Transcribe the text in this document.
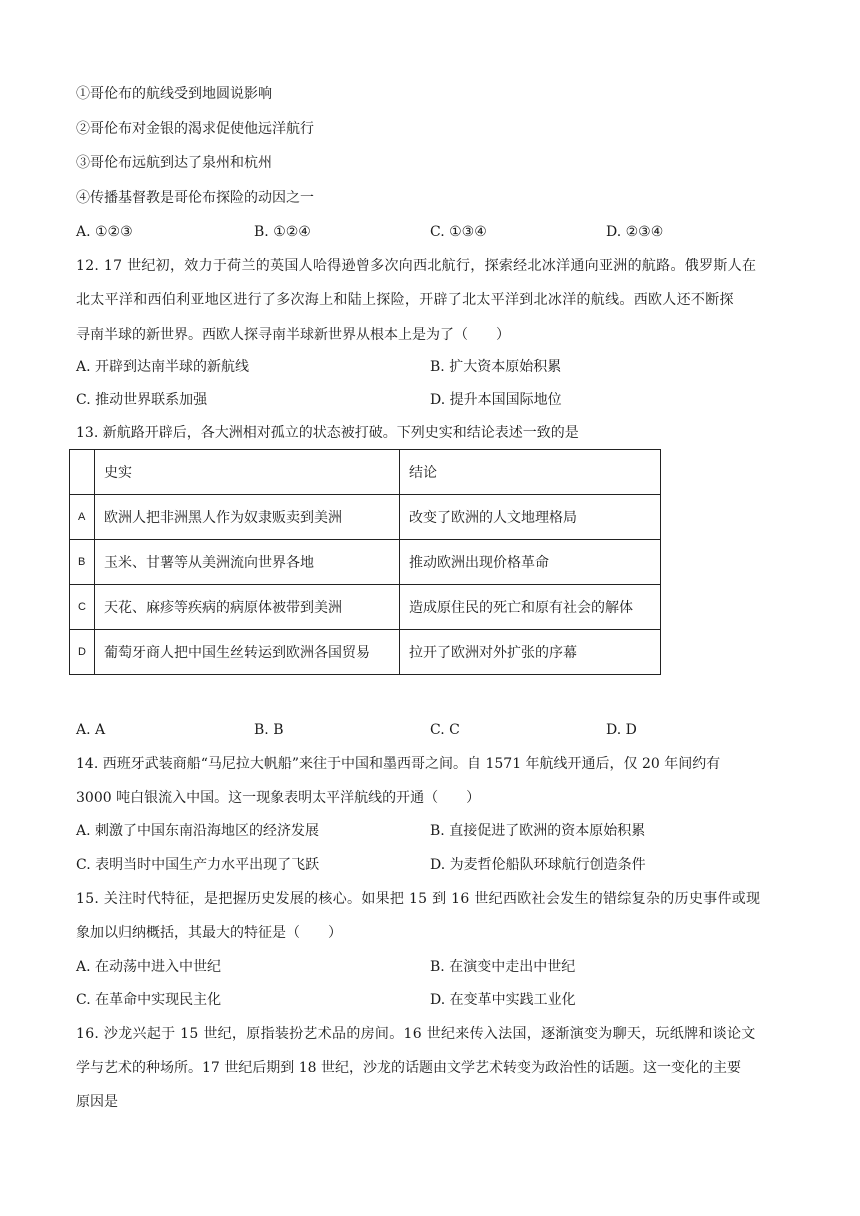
①哥伦布的航线受到地圆说影响
②哥伦布对金银的渴求促使他远洋航行
③哥伦布远航到达了泉州和杭州
④传播基督教是哥伦布探险的动因之一
A. ①②③	B. ①②④	C. ①③④	D. ②③④
12. 17 世纪初，效力于荷兰的英国人哈得逊曾多次向西北航行，探索经北冰洋通向亚洲的航路。俄罗斯人在
北太平洋和西伯利亚地区进行了多次海上和陆上探险，开辟了北太平洋到北冰洋的航线。西欧人还不断探
寻南半球的新世界。西欧人探寻南半球新世界从根本上是为了（　　）
A. 开辟到达南半球的新航线	B. 扩大资本原始积累
C. 推动世界联系加强	D. 提升本国国际地位
13. 新航路开辟后，各大洲相对孤立的状态被打破。下列史实和结论表述一致的是
	史实	结论
A	欧洲人把非洲黑人作为奴隶贩卖到美洲	改变了欧洲的人文地理格局
B	玉米、甘薯等从美洲流向世界各地	推动欧洲出现价格革命
C	天花、麻疹等疾病的病原体被带到美洲	造成原住民的死亡和原有社会的解体
D	葡萄牙商人把中国生丝转运到欧洲各国贸易	拉开了欧洲对外扩张的序幕
A. A	B. B	C. C	D. D
14. 西班牙武装商船“马尼拉大帆船”来往于中国和墨西哥之间。自 1571 年航线开通后，仅 20 年间约有
3000 吨白银流入中国。这一现象表明太平洋航线的开通（　　）
A. 刺激了中国东南沿海地区的经济发展	B. 直接促进了欧洲的资本原始积累
C. 表明当时中国生产力水平出现了飞跃	D. 为麦哲伦船队环球航行创造条件
15. 关注时代特征，是把握历史发展的核心。如果把 15 到 16 世纪西欧社会发生的错综复杂的历史事件或现
象加以归纳概括，其最大的特征是（　　）
A. 在动荡中进入中世纪	B. 在演变中走出中世纪
C. 在革命中实现民主化	D. 在变革中实践工业化
16. 沙龙兴起于 15 世纪，原指装扮艺术品的房间。16 世纪来传入法国，逐渐演变为聊天，玩纸牌和谈论文
学与艺术的种场所。17 世纪后期到 18 世纪，沙龙的话题由文学艺术转变为政治性的话题。这一变化的主要
原因是
